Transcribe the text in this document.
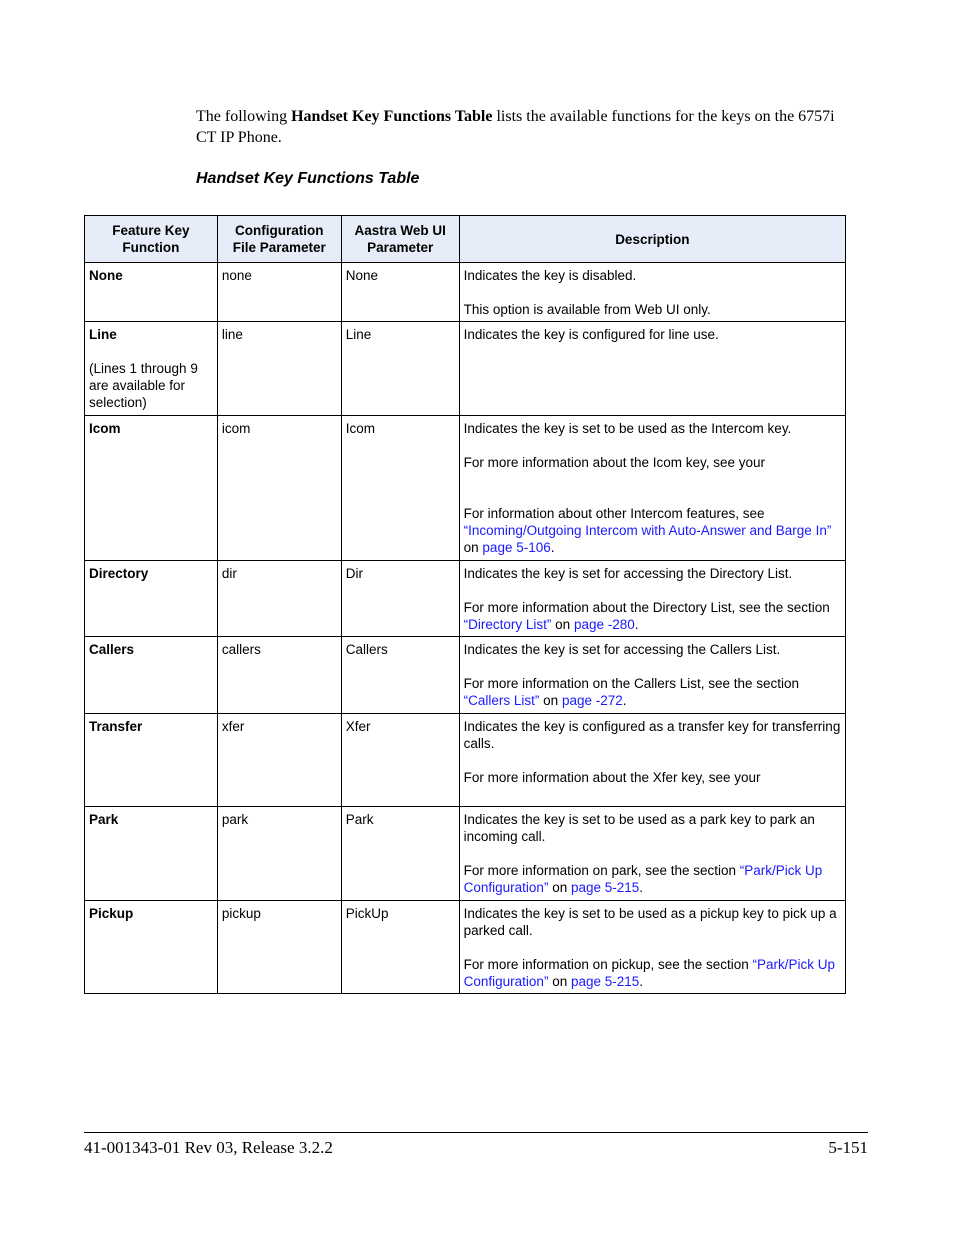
The following Handset Key Functions Table lists the available functions for the keys on the 6757i CT IP Phone.

Handset Key Functions Table
Feature Key Function	Configuration File Parameter	Aastra Web UI Parameter	Description
None	none	None	Indicates the key is disabled.
This option is available from Web UI only.

Line
(Lines 1 through 9 are available for selection)	line	Line	Indicates the key is configured for line use.

Icom	icom	Icom	Indicates the key is set to be used as the Intercom key.
For more information about the Icom key, see your
For information about other Intercom features, see “Incoming/Outgoing Intercom with Auto-Answer and Barge In” on page 5-106.

Directory	dir	Dir	Indicates the key is set for accessing the Directory List.
For more information about the Directory List, see the section “Directory List” on page -280.

Callers	callers	Callers	Indicates the key is set for accessing the Callers List.
For more information on the Callers List, see the section “Callers List” on page -272.

Transfer	xfer	Xfer	Indicates the key is configured as a transfer key for transferring calls.
For more information about the Xfer key, see your

Park	park	Park	Indicates the key is set to be used as a park key to park an incoming call.
For more information on park, see the section “Park/Pick Up Configuration” on page 5-215.

Pickup	pickup	PickUp	Indicates the key is set to be used as a pickup key to pick up a parked call.
For more information on pickup, see the section “Park/Pick Up Configuration” on page 5-215.
41-001343-01 Rev 03, Release 3.2.2	5-151
